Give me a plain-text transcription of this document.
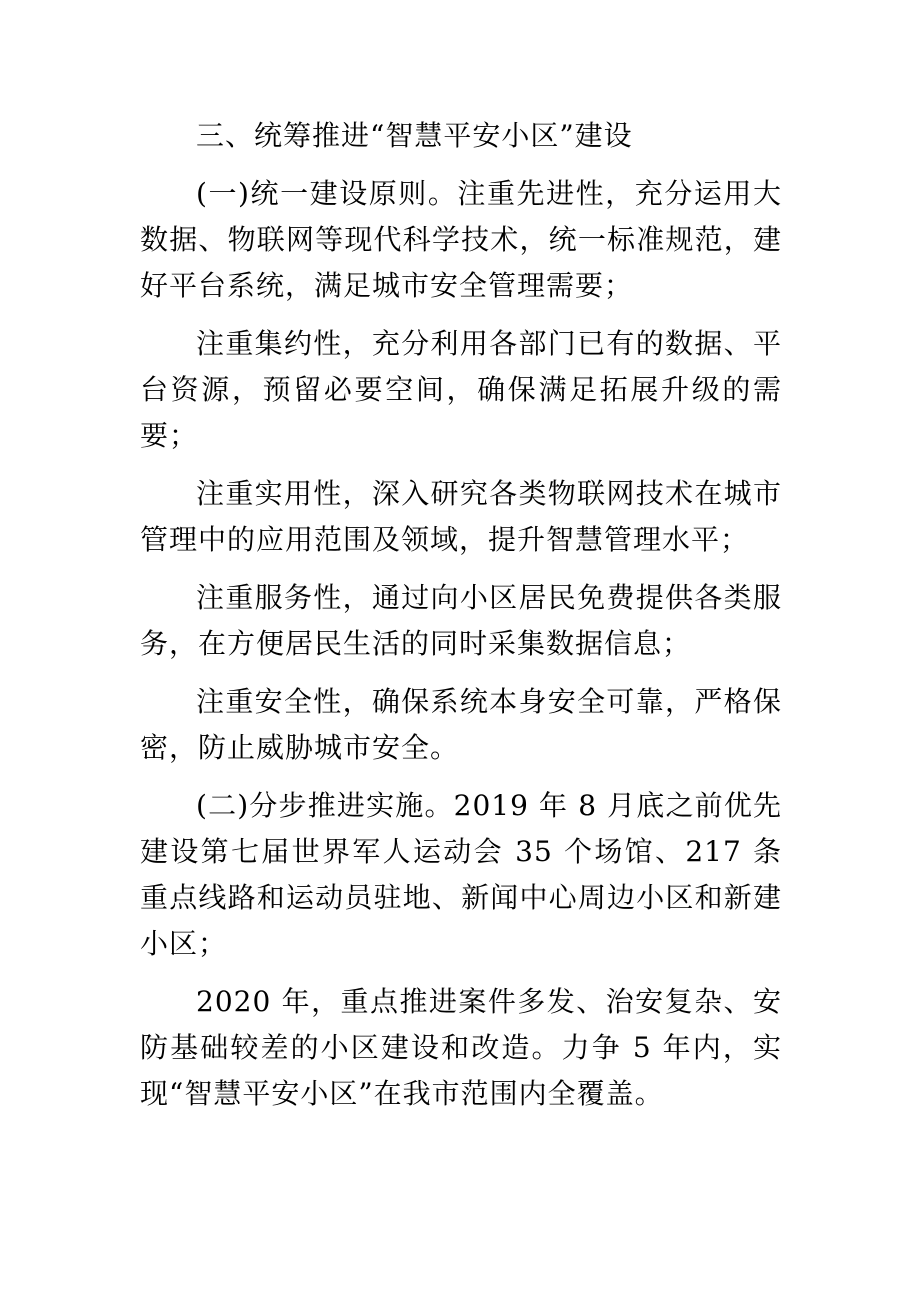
三、统筹推进“智慧平安小区”建设

(一)统一建设原则。注重先进性，充分运用大数据、物联网等现代科学技术，统一标准规范，建好平台系统，满足城市安全管理需要；

注重集约性，充分利用各部门已有的数据、平台资源，预留必要空间，确保满足拓展升级的需要；

注重实用性，深入研究各类物联网技术在城市管理中的应用范围及领域，提升智慧管理水平；

注重服务性，通过向小区居民免费提供各类服务，在方便居民生活的同时采集数据信息；

注重安全性，确保系统本身安全可靠，严格保密，防止威胁城市安全。

(二)分步推进实施。2019 年 8 月底之前优先建设第七届世界军人运动会 35 个场馆、217 条重点线路和运动员驻地、新闻中心周边小区和新建小区；

2020 年，重点推进案件多发、治安复杂、安防基础较差的小区建设和改造。力争 5 年内，实现“智慧平安小区”在我市范围内全覆盖。
